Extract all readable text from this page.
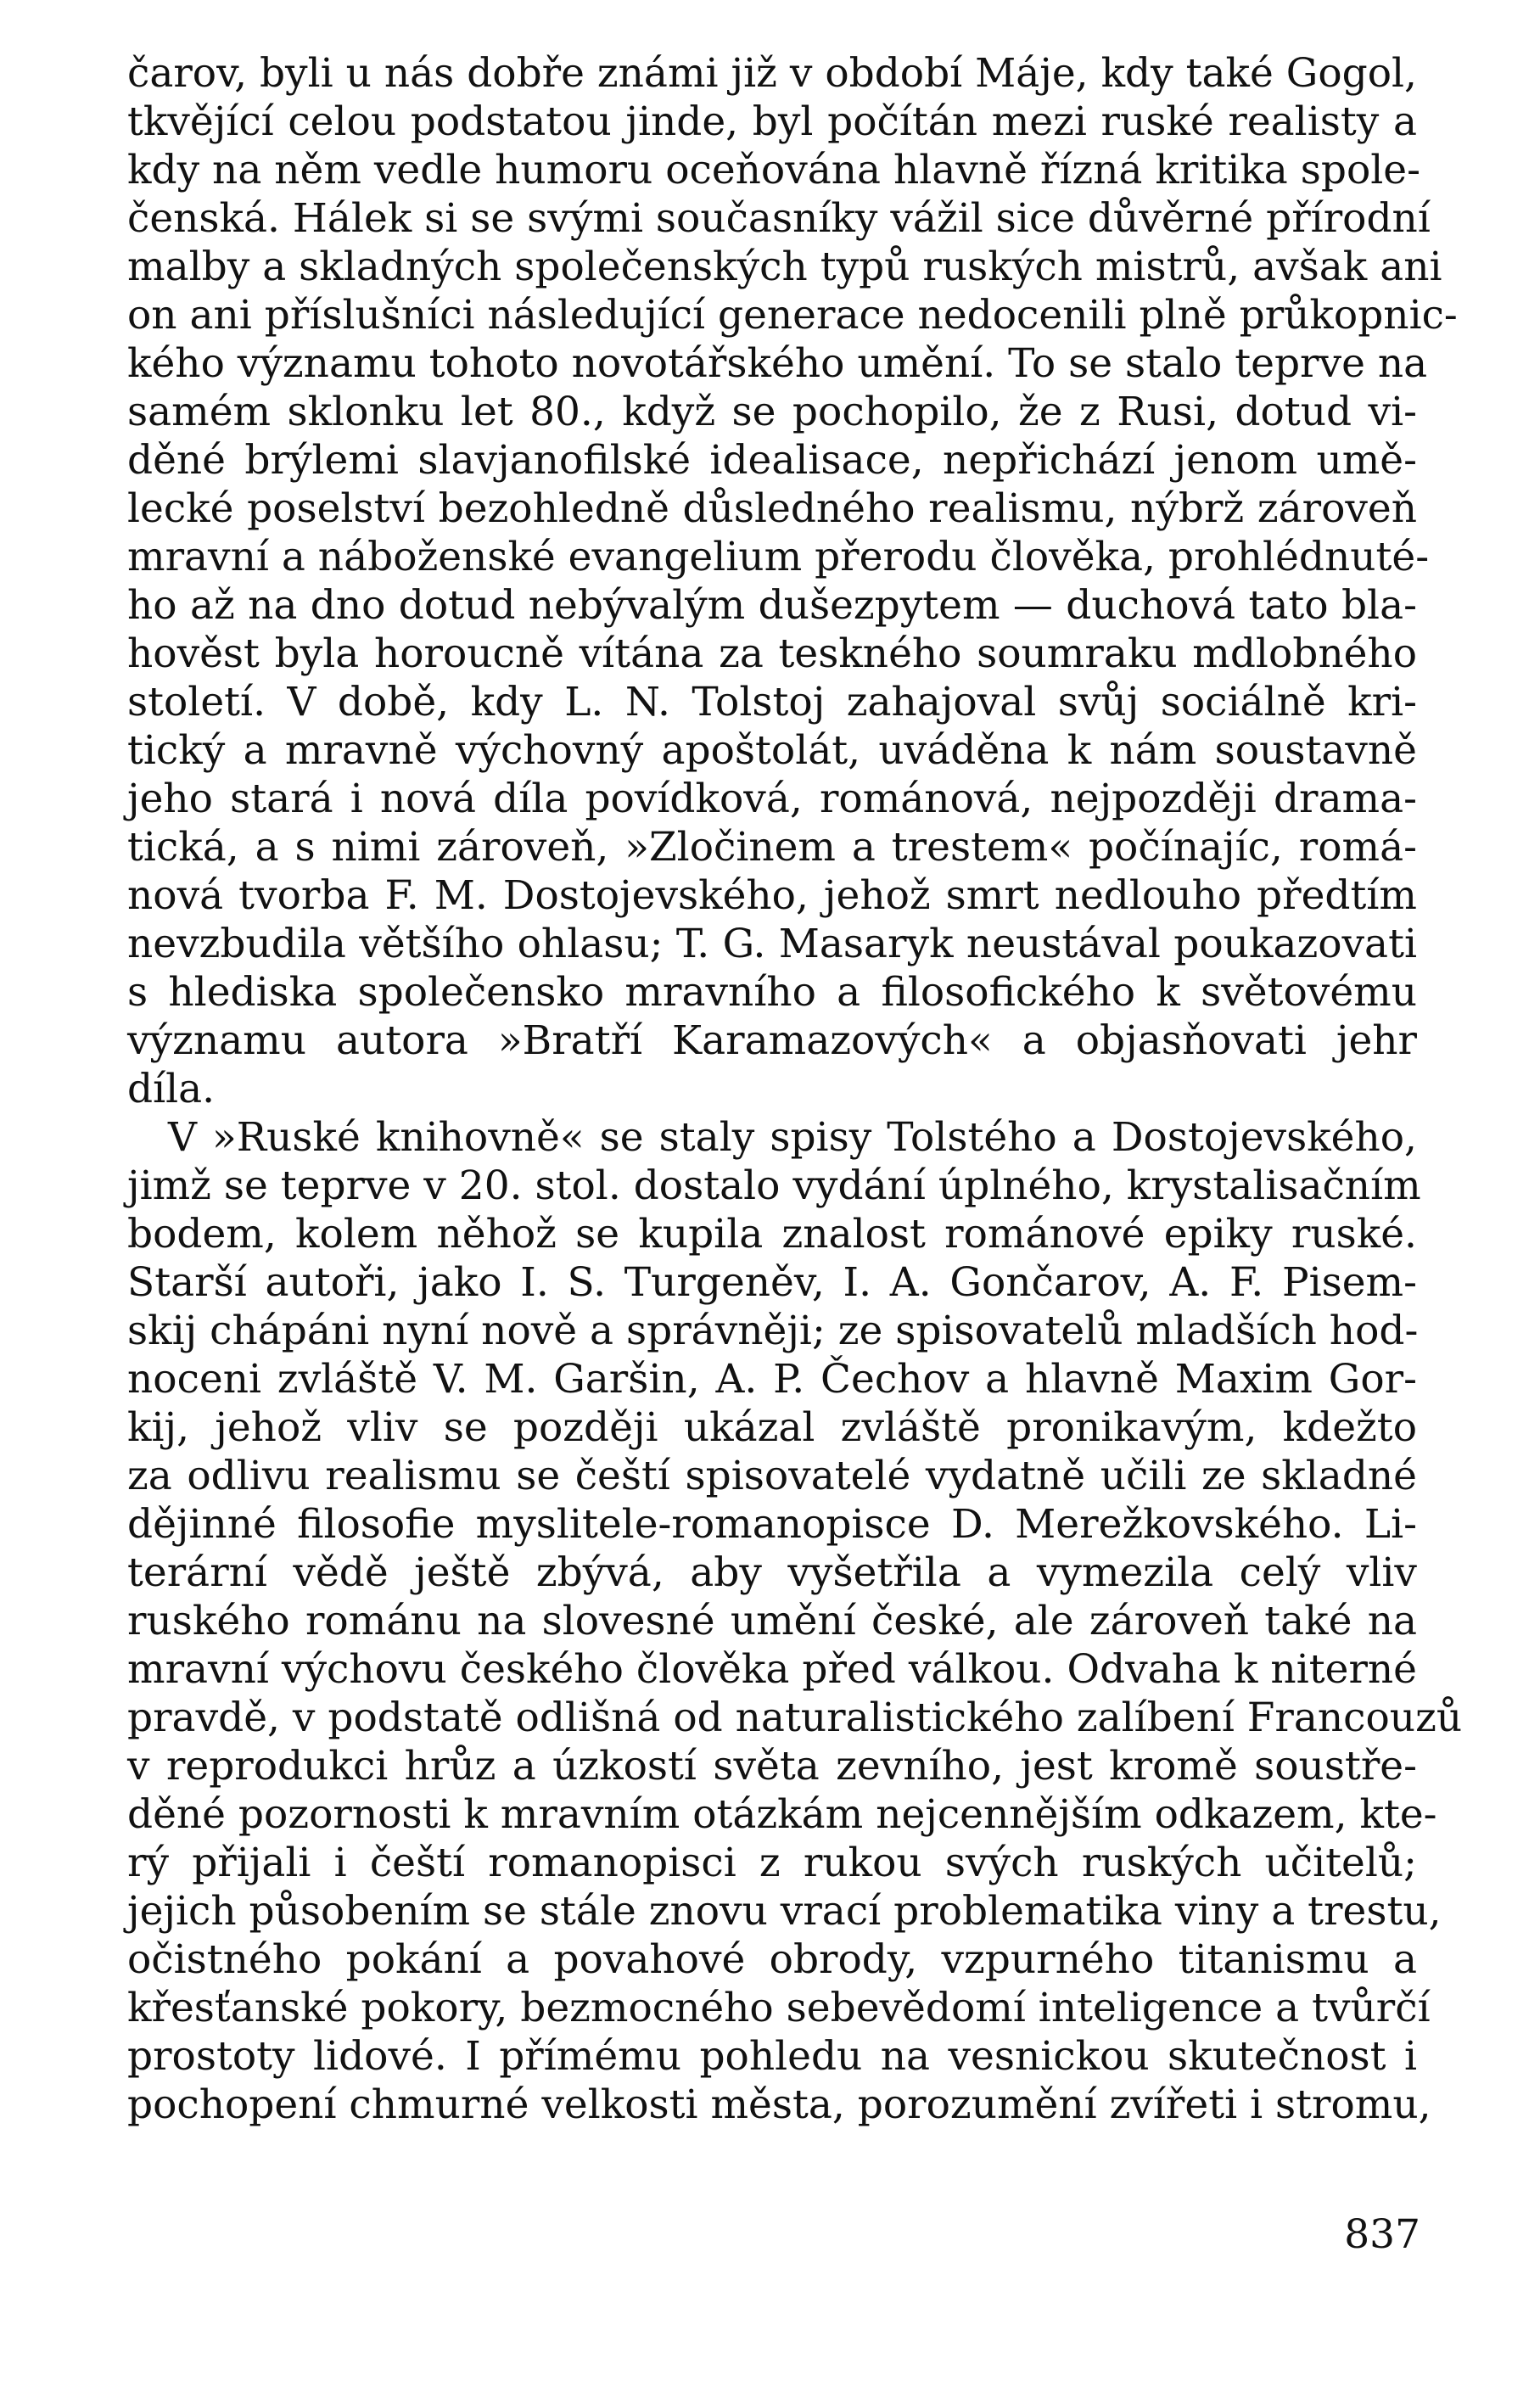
čarov, byli u nás dobře známi již v období Máje, kdy také Gogol,
tkvějící celou podstatou jinde, byl počítán mezi ruské realisty a
kdy na něm vedle humoru oceňována hlavně řízná kritika spole-
čenská. Hálek si se svými současníky vážil sice důvěrné přírodní
malby a skladných společenských typů ruských mistrů, avšak ani
on ani příslušníci následující generace nedocenili plně průkopnic-
kého významu tohoto novotářského umění. To se stalo teprve na
samém sklonku let 80., když se pochopilo, že z Rusi, dotud vi-
děné brýlemi slavjanofilské idealisace, nepřichází jenom umě-
lecké poselství bezohledně důsledného realismu, nýbrž zároveň
mravní a náboženské evangelium přerodu člověka, prohlédnuté-
ho až na dno dotud nebývalým dušezpytem — duchová tato bla-
hověst byla horoucně vítána za teskného soumraku mdlobného
století. V době, kdy L. N. Tolstoj zahajoval svůj sociálně kri-
tický a mravně výchovný apoštolát, uváděna k nám soustavně
jeho stará i nová díla povídková, románová, nejpozději drama-
tická, a s nimi zároveň, »Zločinem a trestem« počínajíc, romá-
nová tvorba F. M. Dostojevského, jehož smrt nedlouho předtím
nevzbudila většího ohlasu; T. G. Masaryk neustával poukazovati
s hlediska společensko mravního a filosofického k světovému
významu autora »Bratří Karamazových« a objasňovati jehr
díla.
V »Ruské knihovně« se staly spisy Tolstého a Dostojevského,
jimž se teprve v 20. stol. dostalo vydání úplného, krystalisačním
bodem, kolem něhož se kupila znalost románové epiky ruské.
Starší autoři, jako I. S. Turgeněv, I. A. Gončarov, A. F. Pisem-
skij chápáni nyní nově a správněji; ze spisovatelů mladších hod-
noceni zvláště V. M. Garšin, A. P. Čechov a hlavně Maxim Gor-
kij, jehož vliv se později ukázal zvláště pronikavým, kdežto
za odlivu realismu se čeští spisovatelé vydatně učili ze skladné
dějinné filosofie myslitele-romanopisce D. Merežkovského. Li-
terární vědě ještě zbývá, aby vyšetřila a vymezila celý vliv
ruského románu na slovesné umění české, ale zároveň také na
mravní výchovu českého člověka před válkou. Odvaha k niterné
pravdě, v podstatě odlišná od naturalistického zalíbení Francouzů
v reprodukci hrůz a úzkostí světa zevního, jest kromě soustře-
děné pozornosti k mravním otázkám nejcennějším odkazem, kte-
rý přijali i čeští romanopisci z rukou svých ruských učitelů;
jejich působením se stále znovu vrací problematika viny a trestu,
očistného pokání a povahové obrody, vzpurného titanismu a
křesťanské pokory, bezmocného sebevědomí inteligence a tvůrčí
prostoty lidové. I přímému pohledu na vesnickou skutečnost i
pochopení chmurné velkosti města, porozumění zvířeti i stromu,
837
